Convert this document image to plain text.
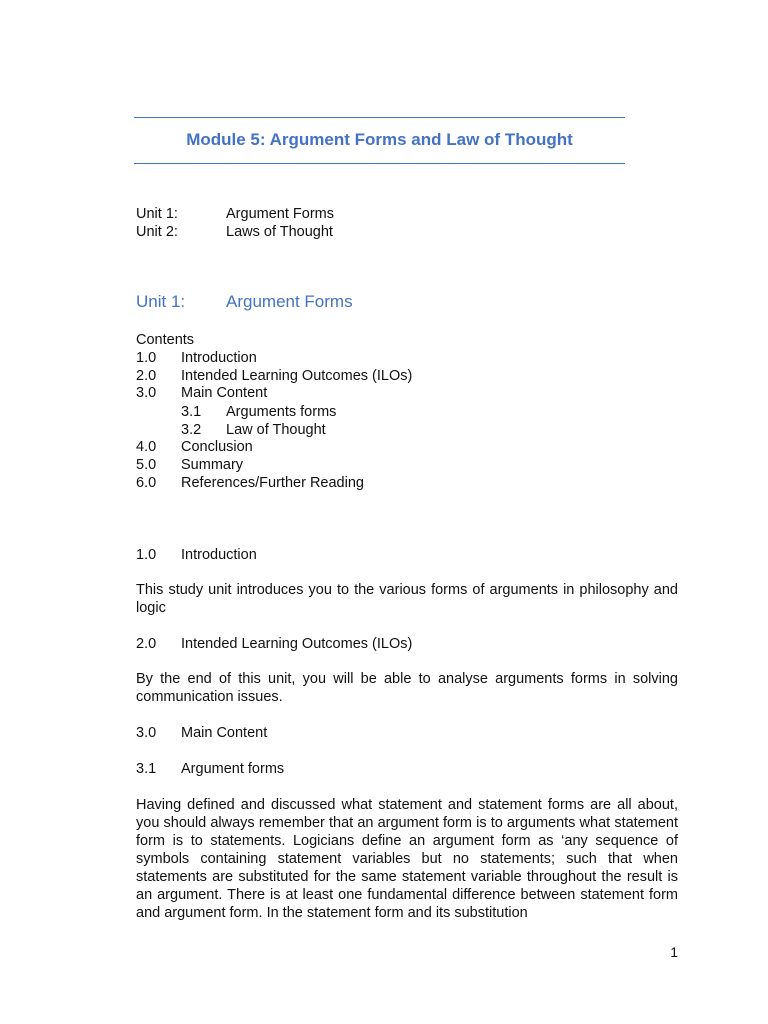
Module 5: Argument Forms and Law of Thought
Unit 1:	Argument Forms
Unit 2:	Laws of Thought
Unit 1: Argument Forms
Contents
1.0 Introduction
2.0 Intended Learning Outcomes (ILOs)
3.0 Main Content
3.1 Arguments forms
3.2 Law of Thought
4.0 Conclusion
5.0 Summary
6.0 References/Further Reading
1.0 Introduction
This study unit introduces you to the various forms of arguments in philosophy and logic
2.0 Intended Learning Outcomes (ILOs)
By the end of this unit, you will be able to analyse arguments forms in solving communication issues.
3.0 Main Content
3.1 Argument forms
Having defined and discussed what statement and statement forms are all about, you should always remember that an argument form is to arguments what statement form is to statements. Logicians define an argument form as ‘any sequence of symbols containing statement variables but no statements; such that when statements are substituted for the same statement variable throughout the result is an argument. There is at least one fundamental difference between statement form and argument form. In the statement form and its substitution
1
